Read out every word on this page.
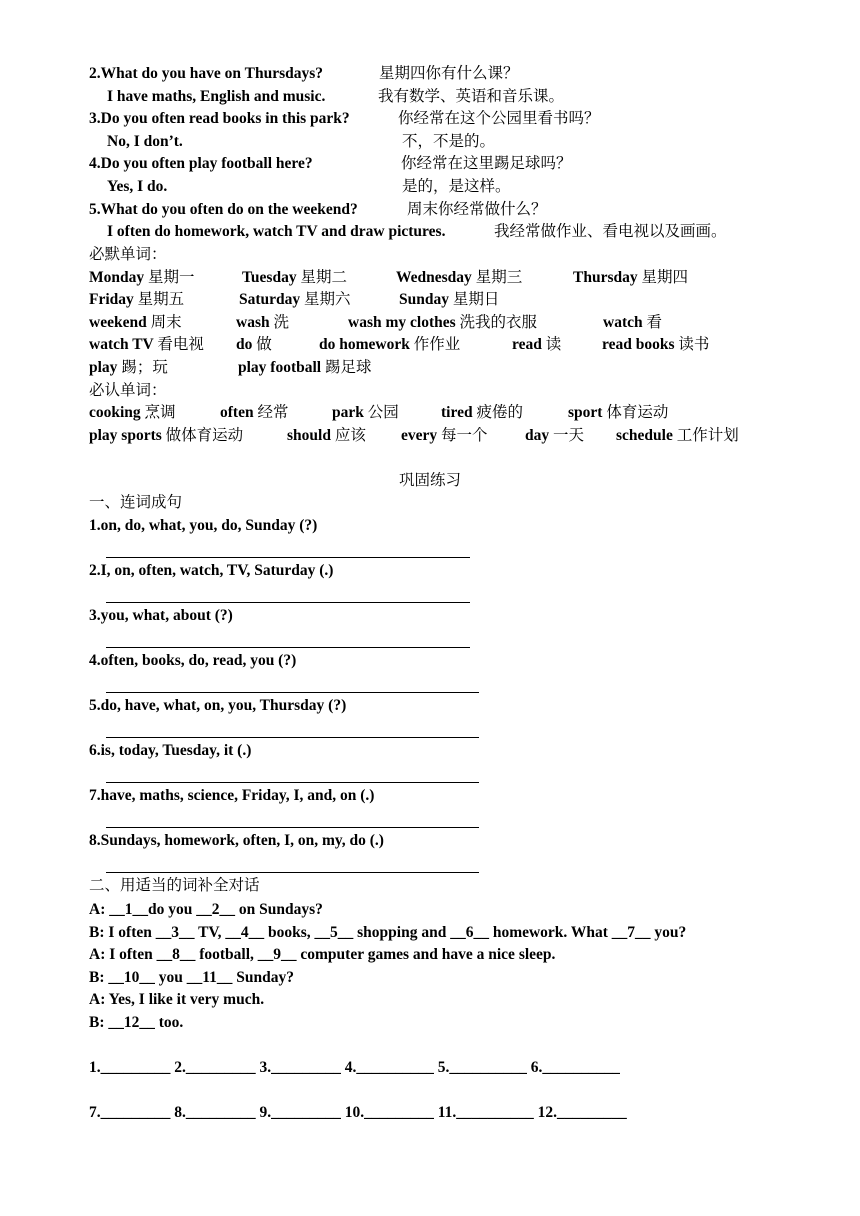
2.What do you have on Thursdays?	星期四你有什么课？
I have maths, English and music.	我有数学、英语和音乐课。
3.Do you often read books in this park?	你经常在这个公园里看书吗？
No, I don’t.	不，不是的。
4.Do you often play football here?	你经常在这里踢足球吗？
Yes, I do.	是的，是这样。
5.What do you often do on the weekend?	周末你经常做什么？
I often do homework, watch TV and draw pictures.	我经常做作业、看电视以及画画。
必默单词：
Monday 星期一	Tuesday 星期二	Wednesday 星期三	Thursday 星期四
Friday 星期五	Saturday 星期六	Sunday 星期日
weekend 周末	wash 洗	wash my clothes 洗我的衣服	watch 看
watch TV 看电视 do 做	do homework 作作业	read 读	read books 读书
play 踢；玩	play football 踢足球
必认单词：
cooking 烹调	often 经常	park 公园	tired 疲倦的	sport 体育运动
play sports 做体育运动	should 应该 every 每一个 day 一天 schedule 工作计划
巩固练习
一、连词成句
1.on, do, what, you, do, Sunday (?)
2.I, on, often, watch, TV, Saturday (.)
3.you, what, about (?)
4.often, books, do, read, you (?)
5.do, have, what, on, you, Thursday (?)
6.is, today, Tuesday, it (.)
7.have, maths, science, Friday, I, and, on (.)
8.Sundays, homework, often, I, on, my, do (.)
二、用适当的词补全对话
A: __1__do you __2__ on Sundays?
B: I often __3__ TV, __4__ books, __5__ shopping and __6__ homework. What __7__ you?
A: I often __8__ football, __9__ computer games and have a nice sleep.
B: __10__ you __11__ Sunday?
A: Yes, I like it very much.
B: __12__ too.
1._________ 2._________ 3._________ 4.__________ 5.__________ 6.__________
7._________ 8._________ 9._________ 10._________ 11.__________ 12._________
